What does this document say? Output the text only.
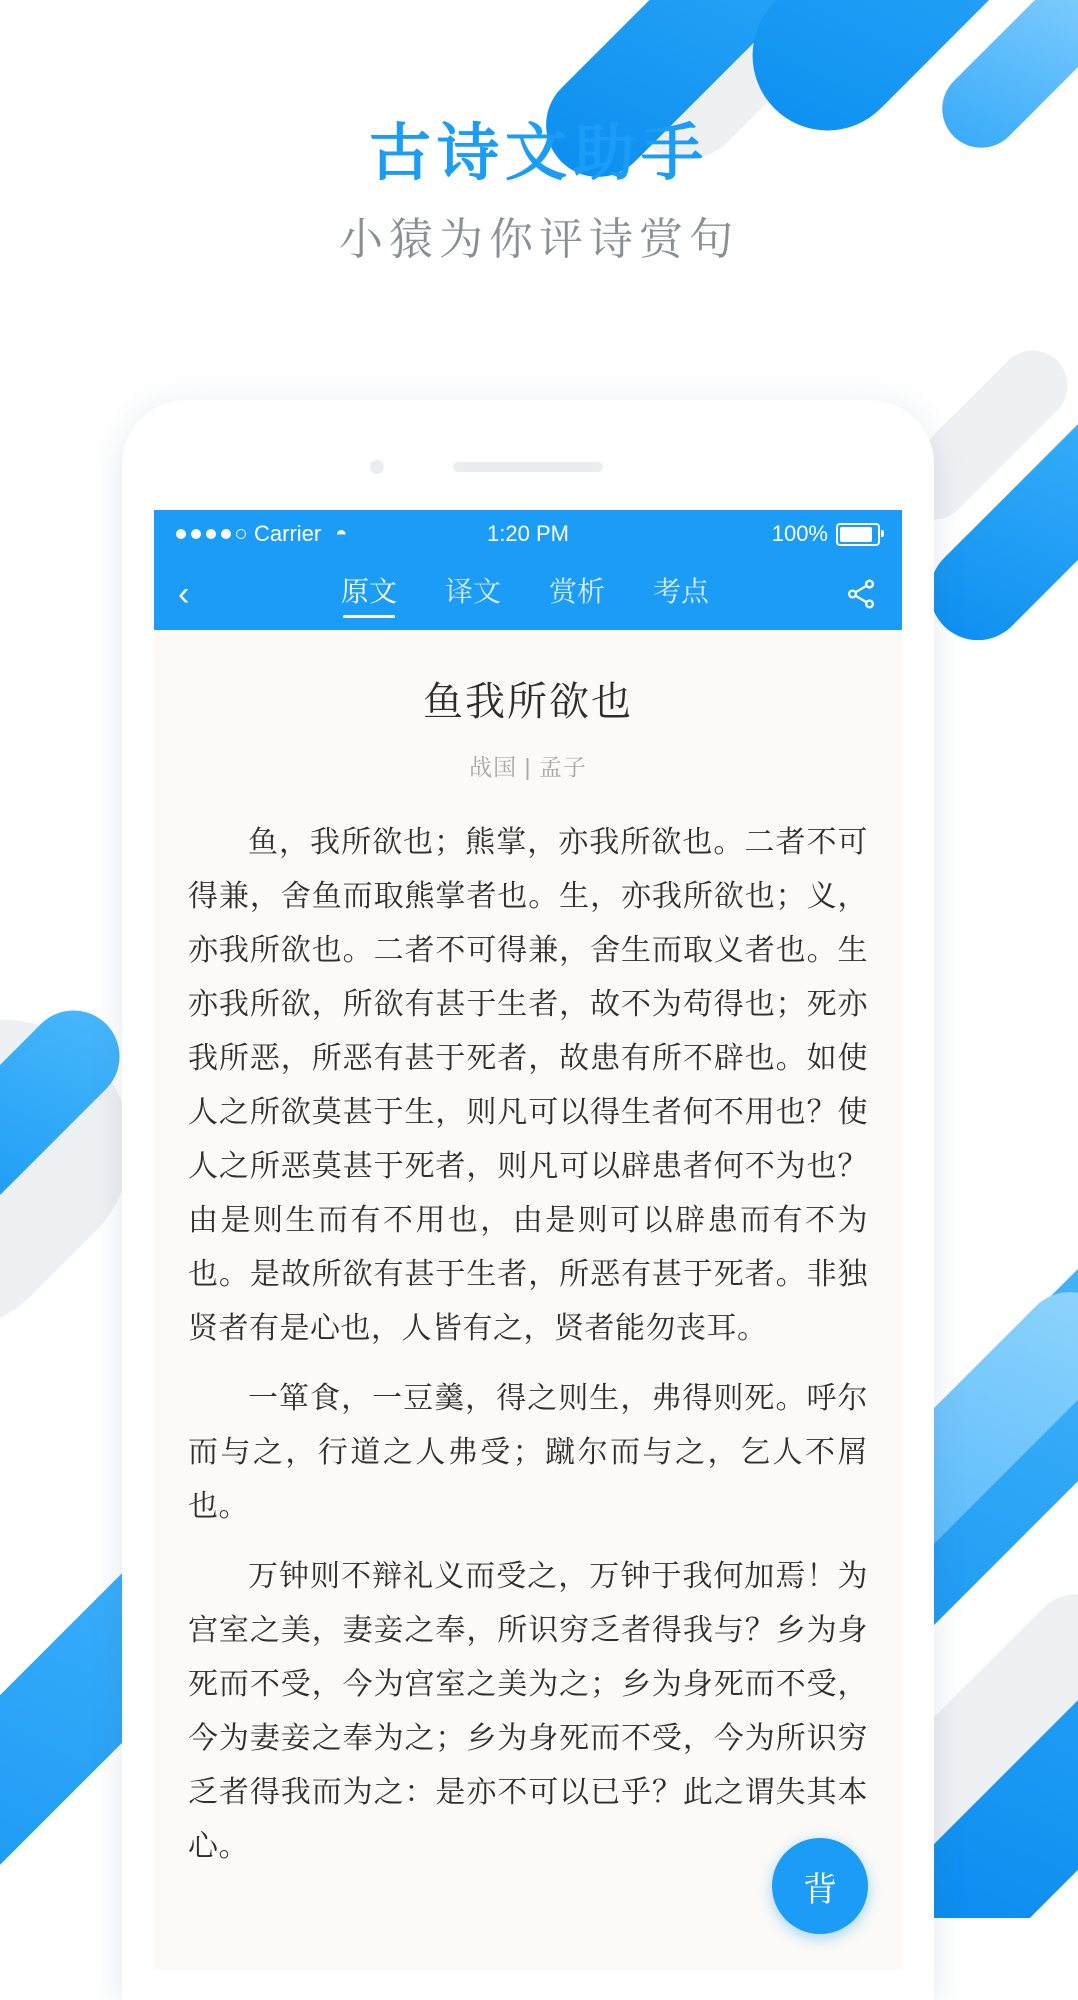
古诗文助手
小猿为你评诗赏句
Carrier ◓	1:20 PM	100%
‹	原文 译文 赏析 考点
鱼我所欲也
战国 | 孟子

鱼，我所欲也；熊掌，亦我所欲也。二者不可得兼，舍鱼而取熊掌者也。生，亦我所欲也；义，亦我所欲也。二者不可得兼，舍生而取义者也。生亦我所欲，所欲有甚于生者，故不为苟得也；死亦我所恶，所恶有甚于死者，故患有所不辟也。如使人之所欲莫甚于生，则凡可以得生者何不用也？使人之所恶莫甚于死者，则凡可以辟患者何不为也？由是则生而有不用也，由是则可以辟患而有不为也。是故所欲有甚于生者，所恶有甚于死者。非独贤者有是心也，人皆有之，贤者能勿丧耳。

一箪食，一豆羹，得之则生，弗得则死。呼尔而与之，行道之人弗受；蹴尔而与之，乞人不屑也。

万钟则不辩礼义而受之，万钟于我何加焉！为宫室之美，妻妾之奉，所识穷乏者得我与？乡为身死而不受，今为宫室之美为之；乡为身死而不受，今为妻妾之奉为之；乡为身死而不受，今为所识穷乏者得我而为之：是亦不可以已乎？此之谓失其本心。

背
